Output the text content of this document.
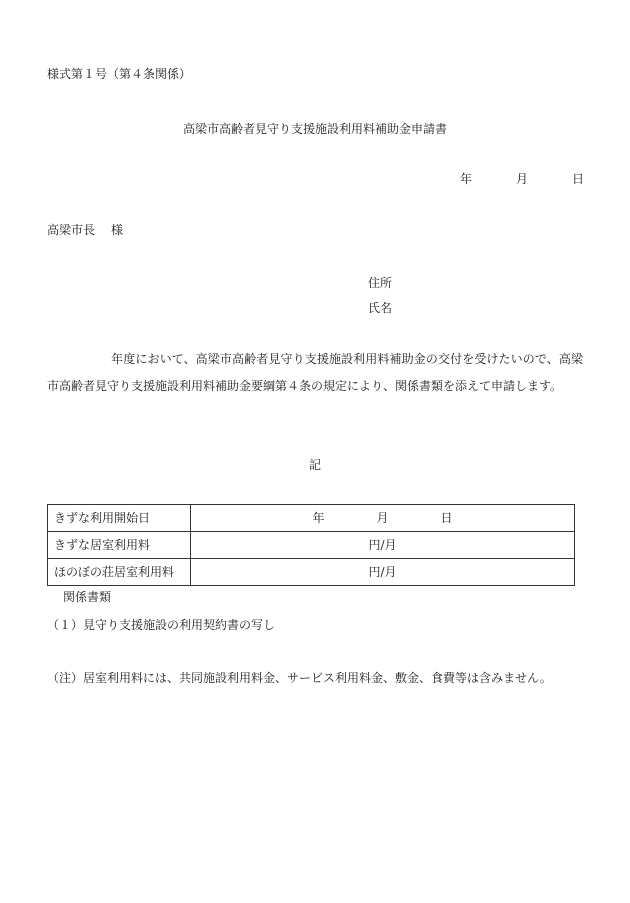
様式第１号（第４条関係）
高梁市高齢者見守り支援施設利用料補助金申請書
年	月	日
高梁市長 様
住所
氏名
年度において、高梁市高齢者見守り支援施設利用料補助金の交付を受けたいので、高梁市高齢者見守り支援施設利用料補助金要綱第４条の規定により、関係書類を添えて申請します。
記
きずな利用開始日	年 月 日
きずな居室利用料	円/月
ほのぼの荘居室利用料	円/月
関係書類
（１）見守り支援施設の利用契約書の写し
（注）居室利用料には、共同施設利用料金、サービス利用料金、敷金、食費等は含みません。
